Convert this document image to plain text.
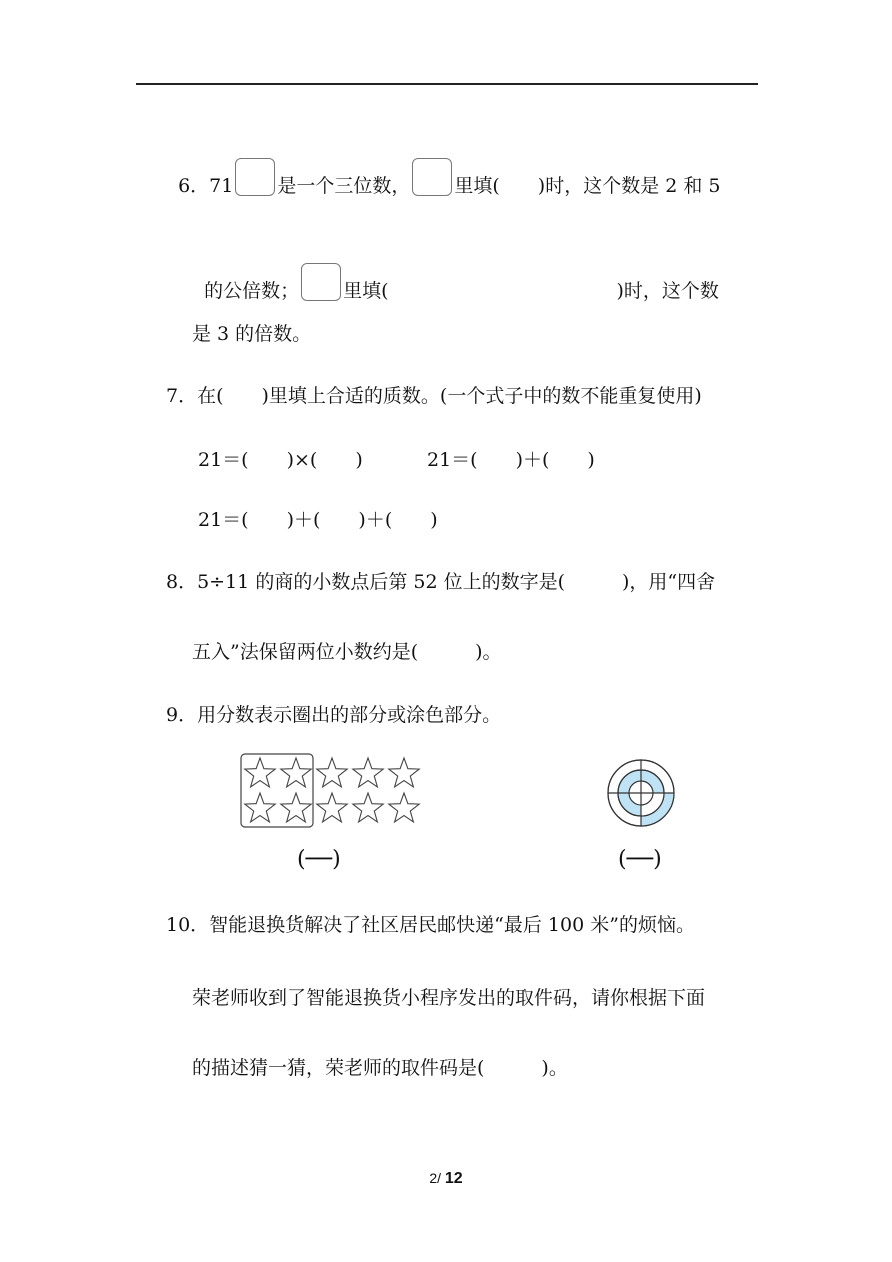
6．71 是一个三位数， 里填(　　)时，这个数是 2 和 5

的公倍数； 里填(　　　　　　　　　　　　)时，这个数

是 3 的倍数。
7．在(　　)里填上合适的质数。(一个式子中的数不能重复使用)
21＝(　　)×(　　)	21＝(　　)＋(　　)
21＝(　　)＋(　　)＋(　　)
8．5÷11 的商的小数点后第 52 位上的数字是(　　　)，用“四舍
五入”法保留两位小数约是(　　　)。
9．用分数表示圈出的部分或涂色部分。
(──)	(──)
10．智能退换货解决了社区居民邮快递“最后 100 米”的烦恼。
荣老师收到了智能退换货小程序发出的取件码，请你根据下面
的描述猜一猜，荣老师的取件码是(　　　)。
2/ 12
